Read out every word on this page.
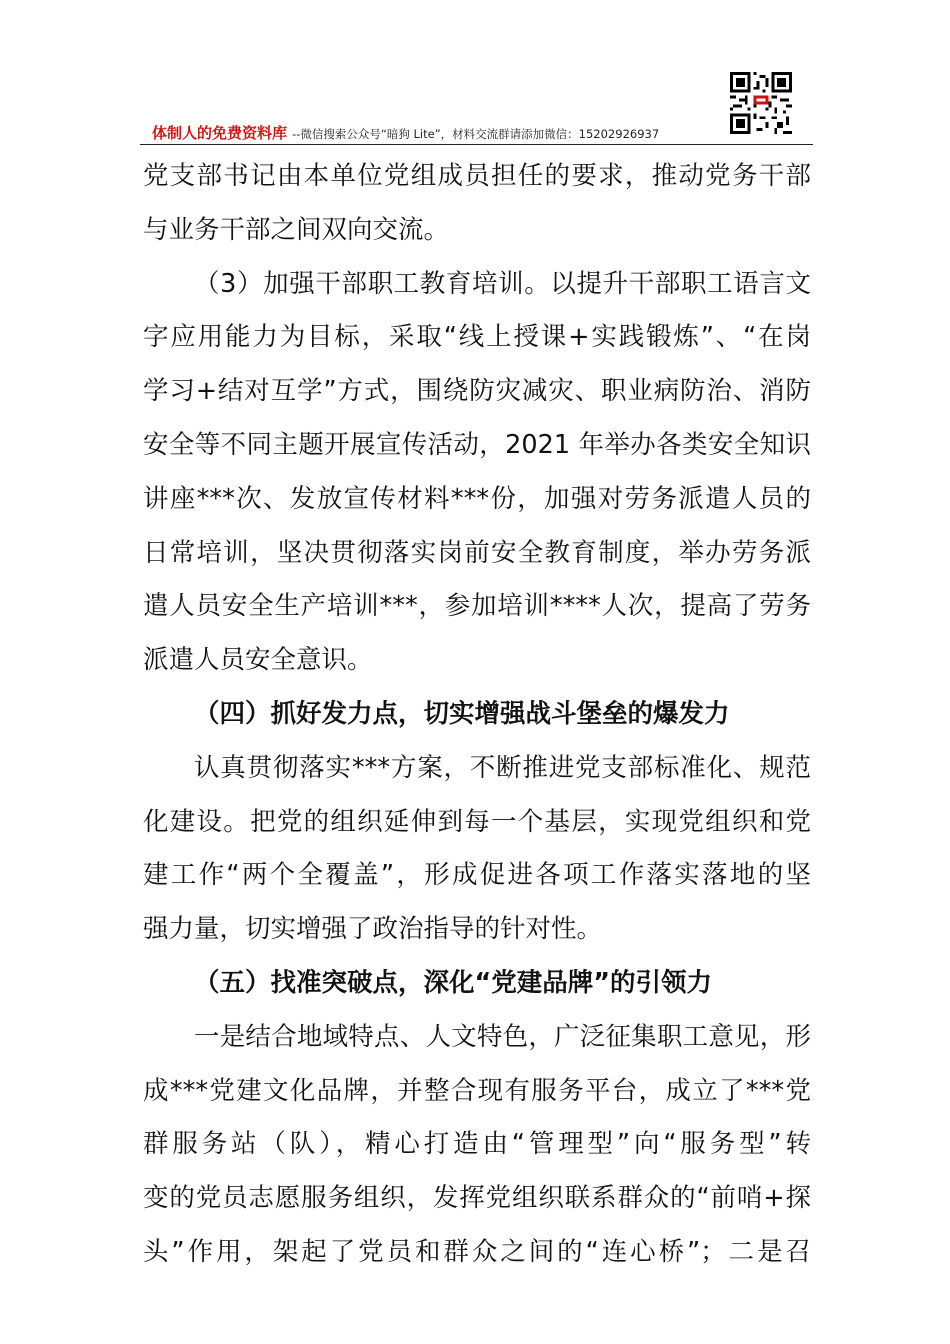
体制人的免费资料库 --微信搜索公众号“暗狗 Lite”，材料交流群请添加微信：15202926937
党支部书记由本单位党组成员担任的要求，推动党务干部
与业务干部之间双向交流。
（3）加强干部职工教育培训。以提升干部职工语言文
字应用能力为目标，采取“线上授课+实践锻炼”、“在岗
学习+结对互学”方式，围绕防灾减灾、职业病防治、消防
安全等不同主题开展宣传活动，2021 年举办各类安全知识
讲座***次、发放宣传材料***份，加强对劳务派遣人员的
日常培训，坚决贯彻落实岗前安全教育制度，举办劳务派
遣人员安全生产培训***，参加培训****人次，提高了劳务
派遣人员安全意识。
（四）抓好发力点，切实增强战斗堡垒的爆发力
认真贯彻落实***方案，不断推进党支部标准化、规范
化建设。把党的组织延伸到每一个基层，实现党组织和党
建工作“两个全覆盖”，形成促进各项工作落实落地的坚
强力量，切实增强了政治指导的针对性。
（五）找准突破点，深化“党建品牌”的引领力
一是结合地域特点、人文特色，广泛征集职工意见，形
成***党建文化品牌，并整合现有服务平台，成立了***党
群服务站（队），精心打造由“管理型”向“服务型”转
变的党员志愿服务组织，发挥党组织联系群众的“前哨+探
头”作用，架起了党员和群众之间的“连心桥”；二是召
